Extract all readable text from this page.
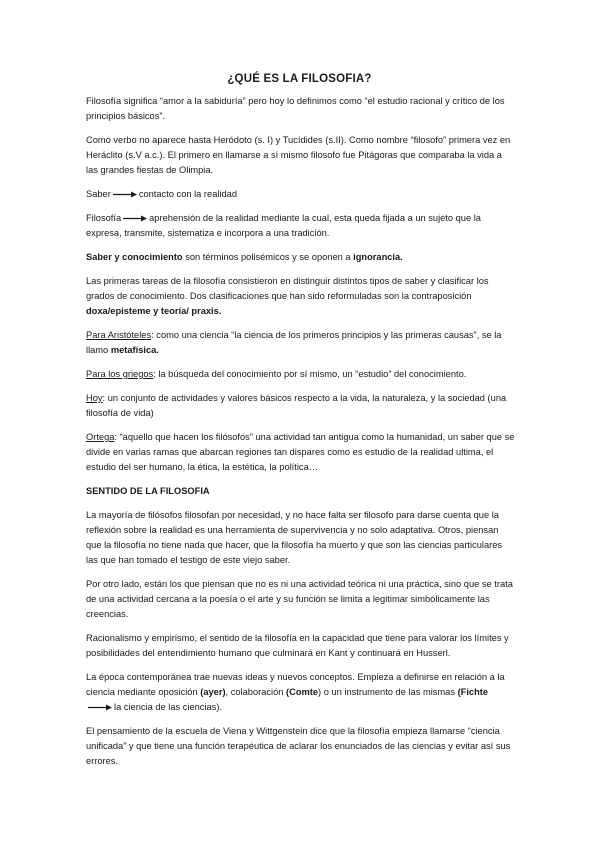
¿QUÉ ES LA FILOSOFIA?

Filosofía significa “amor a la sabiduría” pero hoy lo definimos como “el estudio racional y crítico de los principios básicos”.

Como verbo no aparece hasta Heródoto (s. I) y Tucídides (s.II). Como nombre “filosofo” primera vez en Heráclito (s.V a.c.). El primero en llamarse a sí mismo filosofo fue Pitágoras que comparaba la vida a las grandes fiestas de Olimpia.

Saber	contacto con la realidad

Filosofía	aprehensión de la realidad mediante la cual, esta queda fijada a un sujeto que la expresa, transmite, sistematiza e incorpora a una tradición.

Saber y conocimiento son términos polisémicos y se oponen a ignorancia.

Las primeras tareas de la filosofía consistieron en distinguir distintos tipos de saber y clasificar los grados de conocimiento. Dos clasificaciones que han sido reformuladas son la contraposición doxa/episteme y teoría/ praxis.

Para Aristóteles: como una ciencia “la ciencia de los primeros principios y las primeras causas”, se la llamo metafísica.

Para los griegos: la búsqueda del conocimiento por sí mismo, un “estudio” del conocimiento.

Hoy: un conjunto de actividades y valores básicos respecto a la vida, la naturaleza, y la sociedad (una filosofía de vida)

Ortega: “aquello que hacen los filósofos” una actividad tan antigua como la humanidad, un saber que se divide en varias ramas que abarcan regiones tan dispares como es estudio de la realidad ultima, el estudio del ser humano, la ética, la estética, la política…

SENTIDO DE LA FILOSOFIA

La mayoría de filósofos filosofan por necesidad, y no hace falta ser filosofo para darse cuenta que la reflexión sobre la realidad es una herramienta de supervivencia y no solo adaptativa. Otros, piensan que la filosofía no tiene nada que hacer, que la filosofía ha muerto y que son las ciencias particulares las que han tomado el testigo de este viejo saber.

Por otro lado, están los que piensan que no es ni una actividad teórica ni una práctica, sino que se trata de una actividad cercana a la poesía o el arte y su función se limita a legitimar simbólicamente las creencias.

Racionalismo y empirismo, el sentido de la filosofía en la capacidad que tiene para valorar los límites y posibilidades del entendimiento humano que culminará en Kant y continuará en Husserl.

La época contemporánea trae nuevas ideas y nuevos conceptos. Empieza a definirse en relación a la ciencia mediante oposición (ayer), colaboración (Comte) o un instrumento de las mismas (Fichtela ciencia de las ciencias).

El pensamiento de la escuela de Viena y Wittgenstein dice que la filosofía empieza llamarse “ciencia unificada” y que tiene una función terapéutica de aclarar los enunciados de las ciencias y evitar así sus errores.
